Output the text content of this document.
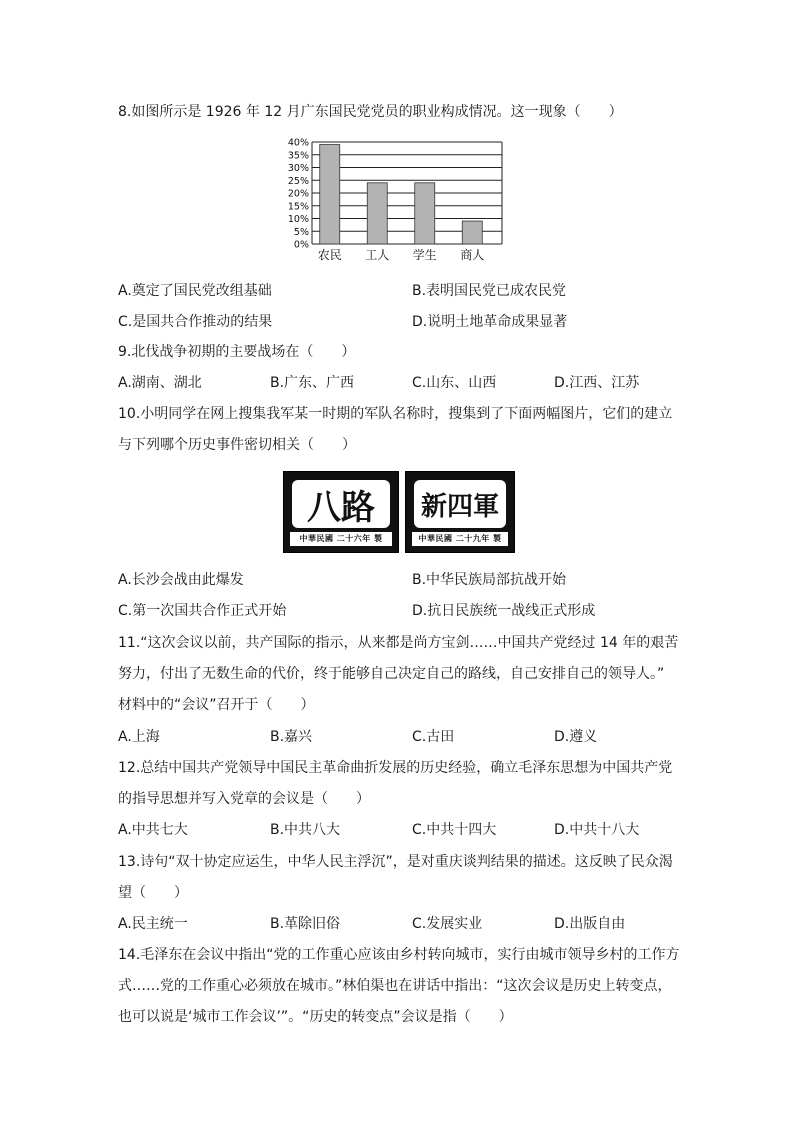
8.如图所示是 1926 年 12 月广东国民党党员的职业构成情况。这一现象（　　）
0%
5%
10%
15%
20%
25%
30%
35%
40%
农民 工人 学生 商人
A.奠定了国民党改组基础	B.表明国民党已成农民党
C.是国共合作推动的结果	D.说明土地革命成果显著
9.北伐战争初期的主要战场在（　　）
A.湖南、湖北	B.广东、广西	C.山东、山西	D.江西、江苏
10.小明同学在网上搜集我军某一时期的军队名称时，搜集到了下面两幅图片，它们的建立
与下列哪个历史事件密切相关（　　）
八路
中華民國 二十六年 製
新四軍
中華民國 二十九年 製
A.长沙会战由此爆发	B.中华民族局部抗战开始
C.第一次国共合作正式开始	D.抗日民族统一战线正式形成
11.“这次会议以前，共产国际的指示，从来都是尚方宝剑……中国共产党经过 14 年的艰苦
努力，付出了无数生命的代价，终于能够自己决定自己的路线，自己安排自己的领导人。”
材料中的“会议”召开于（　　）
A.上海	B.嘉兴	C.古田	D.遵义
12.总结中国共产党领导中国民主革命曲折发展的历史经验，确立毛泽东思想为中国共产党
的指导思想并写入党章的会议是（　　）
A.中共七大	B.中共八大	C.中共十四大	D.中共十八大
13.诗句“双十协定应运生，中华人民主浮沉”，是对重庆谈判结果的描述。这反映了民众渴
望（　　）
A.民主统一	B.革除旧俗	C.发展实业	D.出版自由
14.毛泽东在会议中指出“党的工作重心应该由乡村转向城市，实行由城市领导乡村的工作方
式……党的工作重心必须放在城市。”林伯渠也在讲话中指出：“这次会议是历史上转变点，
也可以说是‘城市工作会议’”。“历史的转变点”会议是指（　　）
